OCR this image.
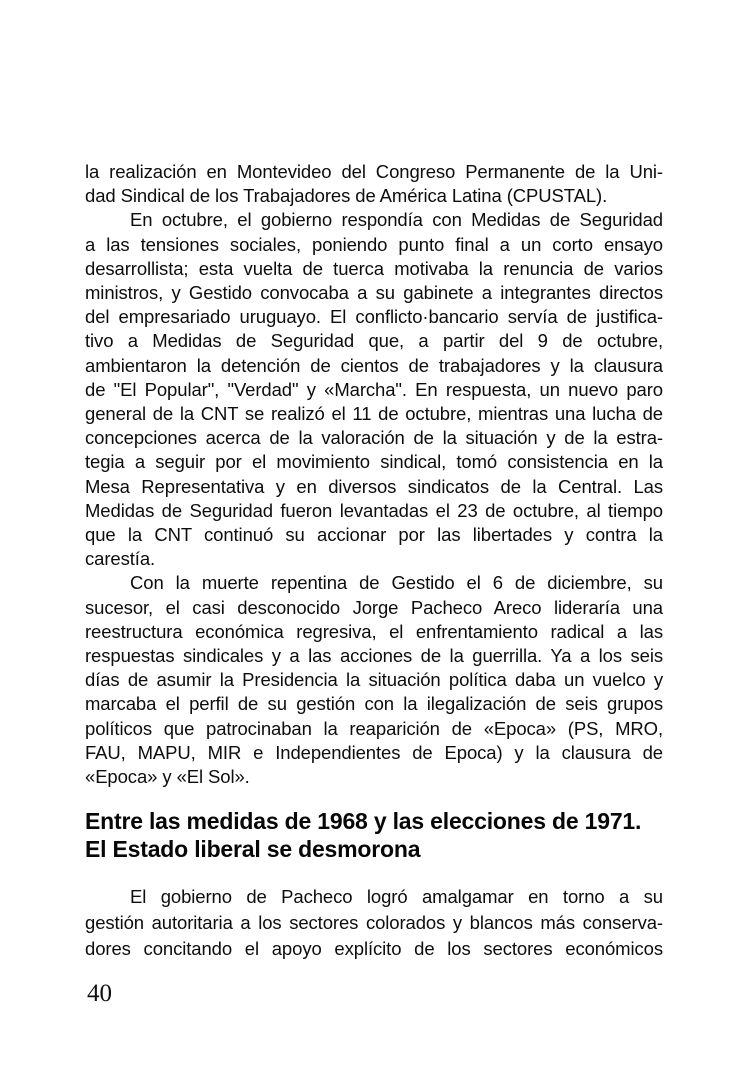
la realización en Montevideo del Congreso Permanente de la Uni-
dad Sindical de los Trabajadores de América Latina (CPUSTAL).
En octubre, el gobierno respondía con Medidas de Seguridad
a las tensiones sociales, poniendo punto final a un corto ensayo
desarrollista; esta vuelta de tuerca motivaba la renuncia de varios
ministros, y Gestido convocaba a su gabinete a integrantes directos
del empresariado uruguayo. El conflicto·bancario servía de justifica-
tivo a Medidas de Seguridad que, a partir del 9 de octubre,
ambientaron la detención de cientos de trabajadores y la clausura
de "El Popular", "Verdad" y «Marcha". En respuesta, un nuevo paro
general de la CNT se realizó el 11 de octubre, mientras una lucha de
concepciones acerca de la valoración de la situación y de la estra-
tegia a seguir por el movimiento sindical, tomó consistencia en la
Mesa Representativa y en diversos sindicatos de la Central. Las
Medidas de Seguridad fueron levantadas el 23 de octubre, al tiempo
que la CNT continuó su accionar por las libertades y contra la
carestía.
Con la muerte repentina de Gestido el 6 de diciembre, su
sucesor, el casi desconocido Jorge Pacheco Areco lideraría una
reestructura económica regresiva, el enfrentamiento radical a las
respuestas sindicales y a las acciones de la guerrilla. Ya a los seis
días de asumir la Presidencia la situación política daba un vuelco y
marcaba el perfil de su gestión con la ilegalización de seis grupos
políticos que patrocinaban la reaparición de «Epoca» (PS, MRO,
FAU, MAPU, MIR e Independientes de Epoca) y la clausura de
«Epoca» y «El Sol».
Entre las medidas de 1968 y las elecciones de 1971.
El Estado liberal se desmorona
El gobierno de Pacheco logró amalgamar en torno a su
gestión autoritaria a los sectores colorados y blancos más conserva-
dores concitando el apoyo explícito de los sectores económicos
40
